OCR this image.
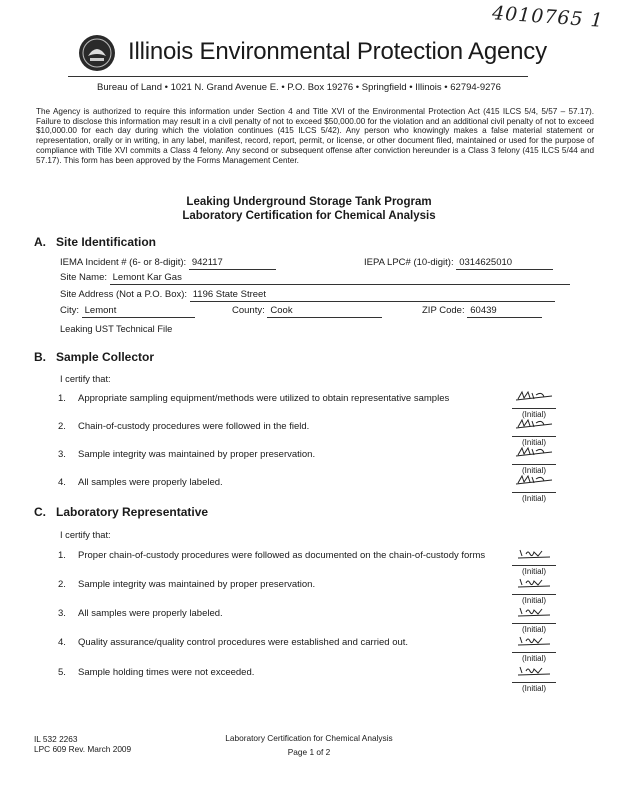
4010765 1
Illinois Environmental Protection Agency
Bureau of Land • 1021 N. Grand Avenue E. • P.O. Box 19276 • Springfield • Illinois • 62794-9276
The Agency is authorized to require this information under Section 4 and Title XVI of the Environmental Protection Act (415 ILCS 5/4, 5/57 – 57.17). Failure to disclose this information may result in a civil penalty of not to exceed $50,000.00 for the violation and an additional civil penalty of not to exceed $10,000.00 for each day during which the violation continues (415 ILCS 5/42). Any person who knowingly makes a false material statement or representation, orally or in writing, in any label, manifest, record, report, permit, or license, or other document filed, maintained or used for the purpose of compliance with Title XVI commits a Class 4 felony. Any second or subsequent offense after conviction hereunder is a Class 3 felony (415 ILCS 5/44 and 57.17). This form has been approved by the Forms Management Center.
Leaking Underground Storage Tank Program
Laboratory Certification for Chemical Analysis
A. Site Identification
IEMA Incident # (6- or 8-digit): 942117	IEPA LPC# (10-digit): 0314625010
Site Name: Lemont Kar Gas
Site Address (Not a P.O. Box): 1196 State Street
City: Lemont	County: Cook	ZIP Code: 60439
Leaking UST Technical File
B. Sample Collector
I certify that:
1. Appropriate sampling equipment/methods were utilized to obtain representative samples
(Initial)
2. Chain-of-custody procedures were followed in the field.
(Initial)
3. Sample integrity was maintained by proper preservation.
(Initial)
4. All samples were properly labeled.
(Initial)
C. Laboratory Representative
I certify that:
1. Proper chain-of-custody procedures were followed as documented on the chain-of-custody forms
(Initial)
2. Sample integrity was maintained by proper preservation.
(Initial)
3. All samples were properly labeled.
(Initial)
4. Quality assurance/quality control procedures were established and carried out.
(Initial)
5. Sample holding times were not exceeded.
(Initial)
IL 532 2263
LPC 609 Rev. March 2009
Laboratory Certification for Chemical Analysis
Page 1 of 2
